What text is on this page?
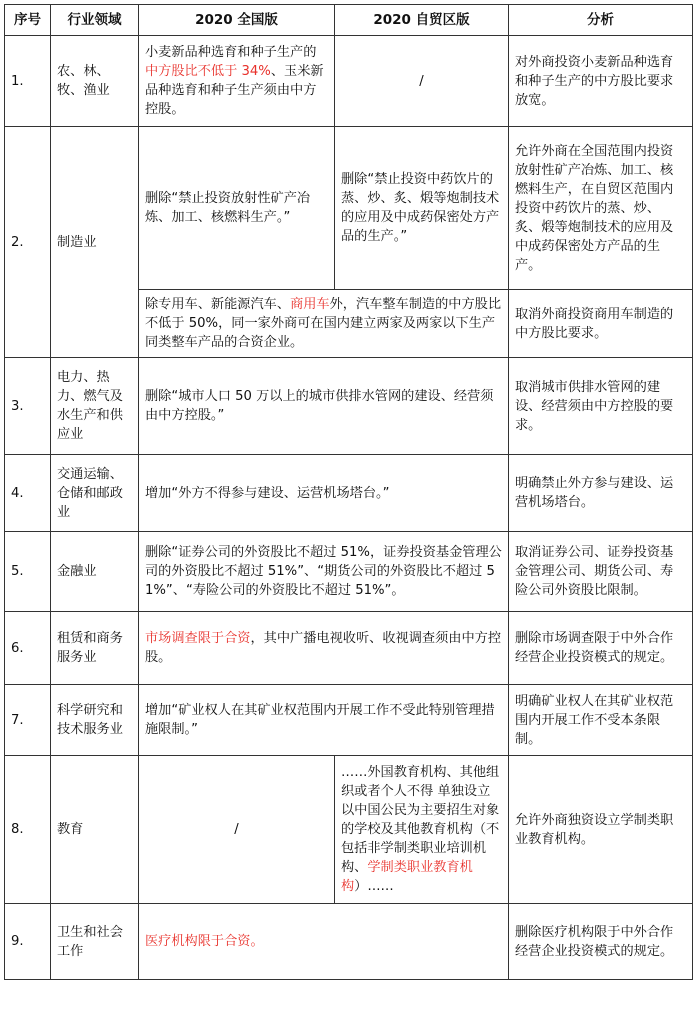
序号	行业领域	2020 全国版	2020 自贸区版	分析
1.	农、林、牧、渔业	小麦新品种选育和种子生产的中方股比不低于 34%、玉米新品种选育和种子生产须由中方控股。	/	对外商投资小麦新品种选育和种子生产的中方股比要求放宽。
2.	制造业	删除“禁止投资放射性矿产冶炼、加工、核燃料生产。”	删除“禁止投资中药饮片的蒸、炒、炙、煅等炮制技术的应用及中成药保密处方产品的生产。”	允许外商在全国范围内投资放射性矿产冶炼、加工、核燃料生产，在自贸区范围内投资中药饮片的蒸、炒、炙、煅等炮制技术的应用及中成药保密处方产品的生产。
		除专用车、新能源汽车、商用车外，汽车整车制造的中方股比不低于 50%，同一家外商可在国内建立两家及两家以下生产同类整车产品的合资企业。		取消外商投资商用车制造的中方股比要求。
3.	电力、热力、燃气及水生产和供应业	删除“城市人口 50 万以上的城市供排水管网的建设、经营须由中方控股。”		取消城市供排水管网的建设、经营须由中方控股的要求。
4.	交通运输、仓储和邮政业	增加“外方不得参与建设、运营机场塔台。”		明确禁止外方参与建设、运营机场塔台。
5.	金融业	删除“证券公司的外资股比不超过 51%，证券投资基金管理公司的外资股比不超过 51%”、“期货公司的外资股比不超过 51%”、“寿险公司的外资股比不超过 51%”。		取消证券公司、证券投资基金管理公司、期货公司、寿险公司外资股比限制。
6.	租赁和商务服务业	市场调查限于合资，其中广播电视收听、收视调查须由中方控股。		删除市场调查限于中外合作经营企业投资模式的规定。
7.	科学研究和技术服务业	增加“矿业权人在其矿业权范围内开展工作不受此特别管理措施限制。”		明确矿业权人在其矿业权范围内开展工作不受本条限制。
8.	教育	/	……外国教育机构、其他组织或者个人不得 单独设立以中国公民为主要招生对象的学校及其他教育机构（不包括非学制类职业培训机构、学制类职业教育机构）……	允许外商独资设立学制类职业教育机构。
9.	卫生和社会工作	医疗机构限于合资。		删除医疗机构限于中外合作经营企业投资模式的规定。
